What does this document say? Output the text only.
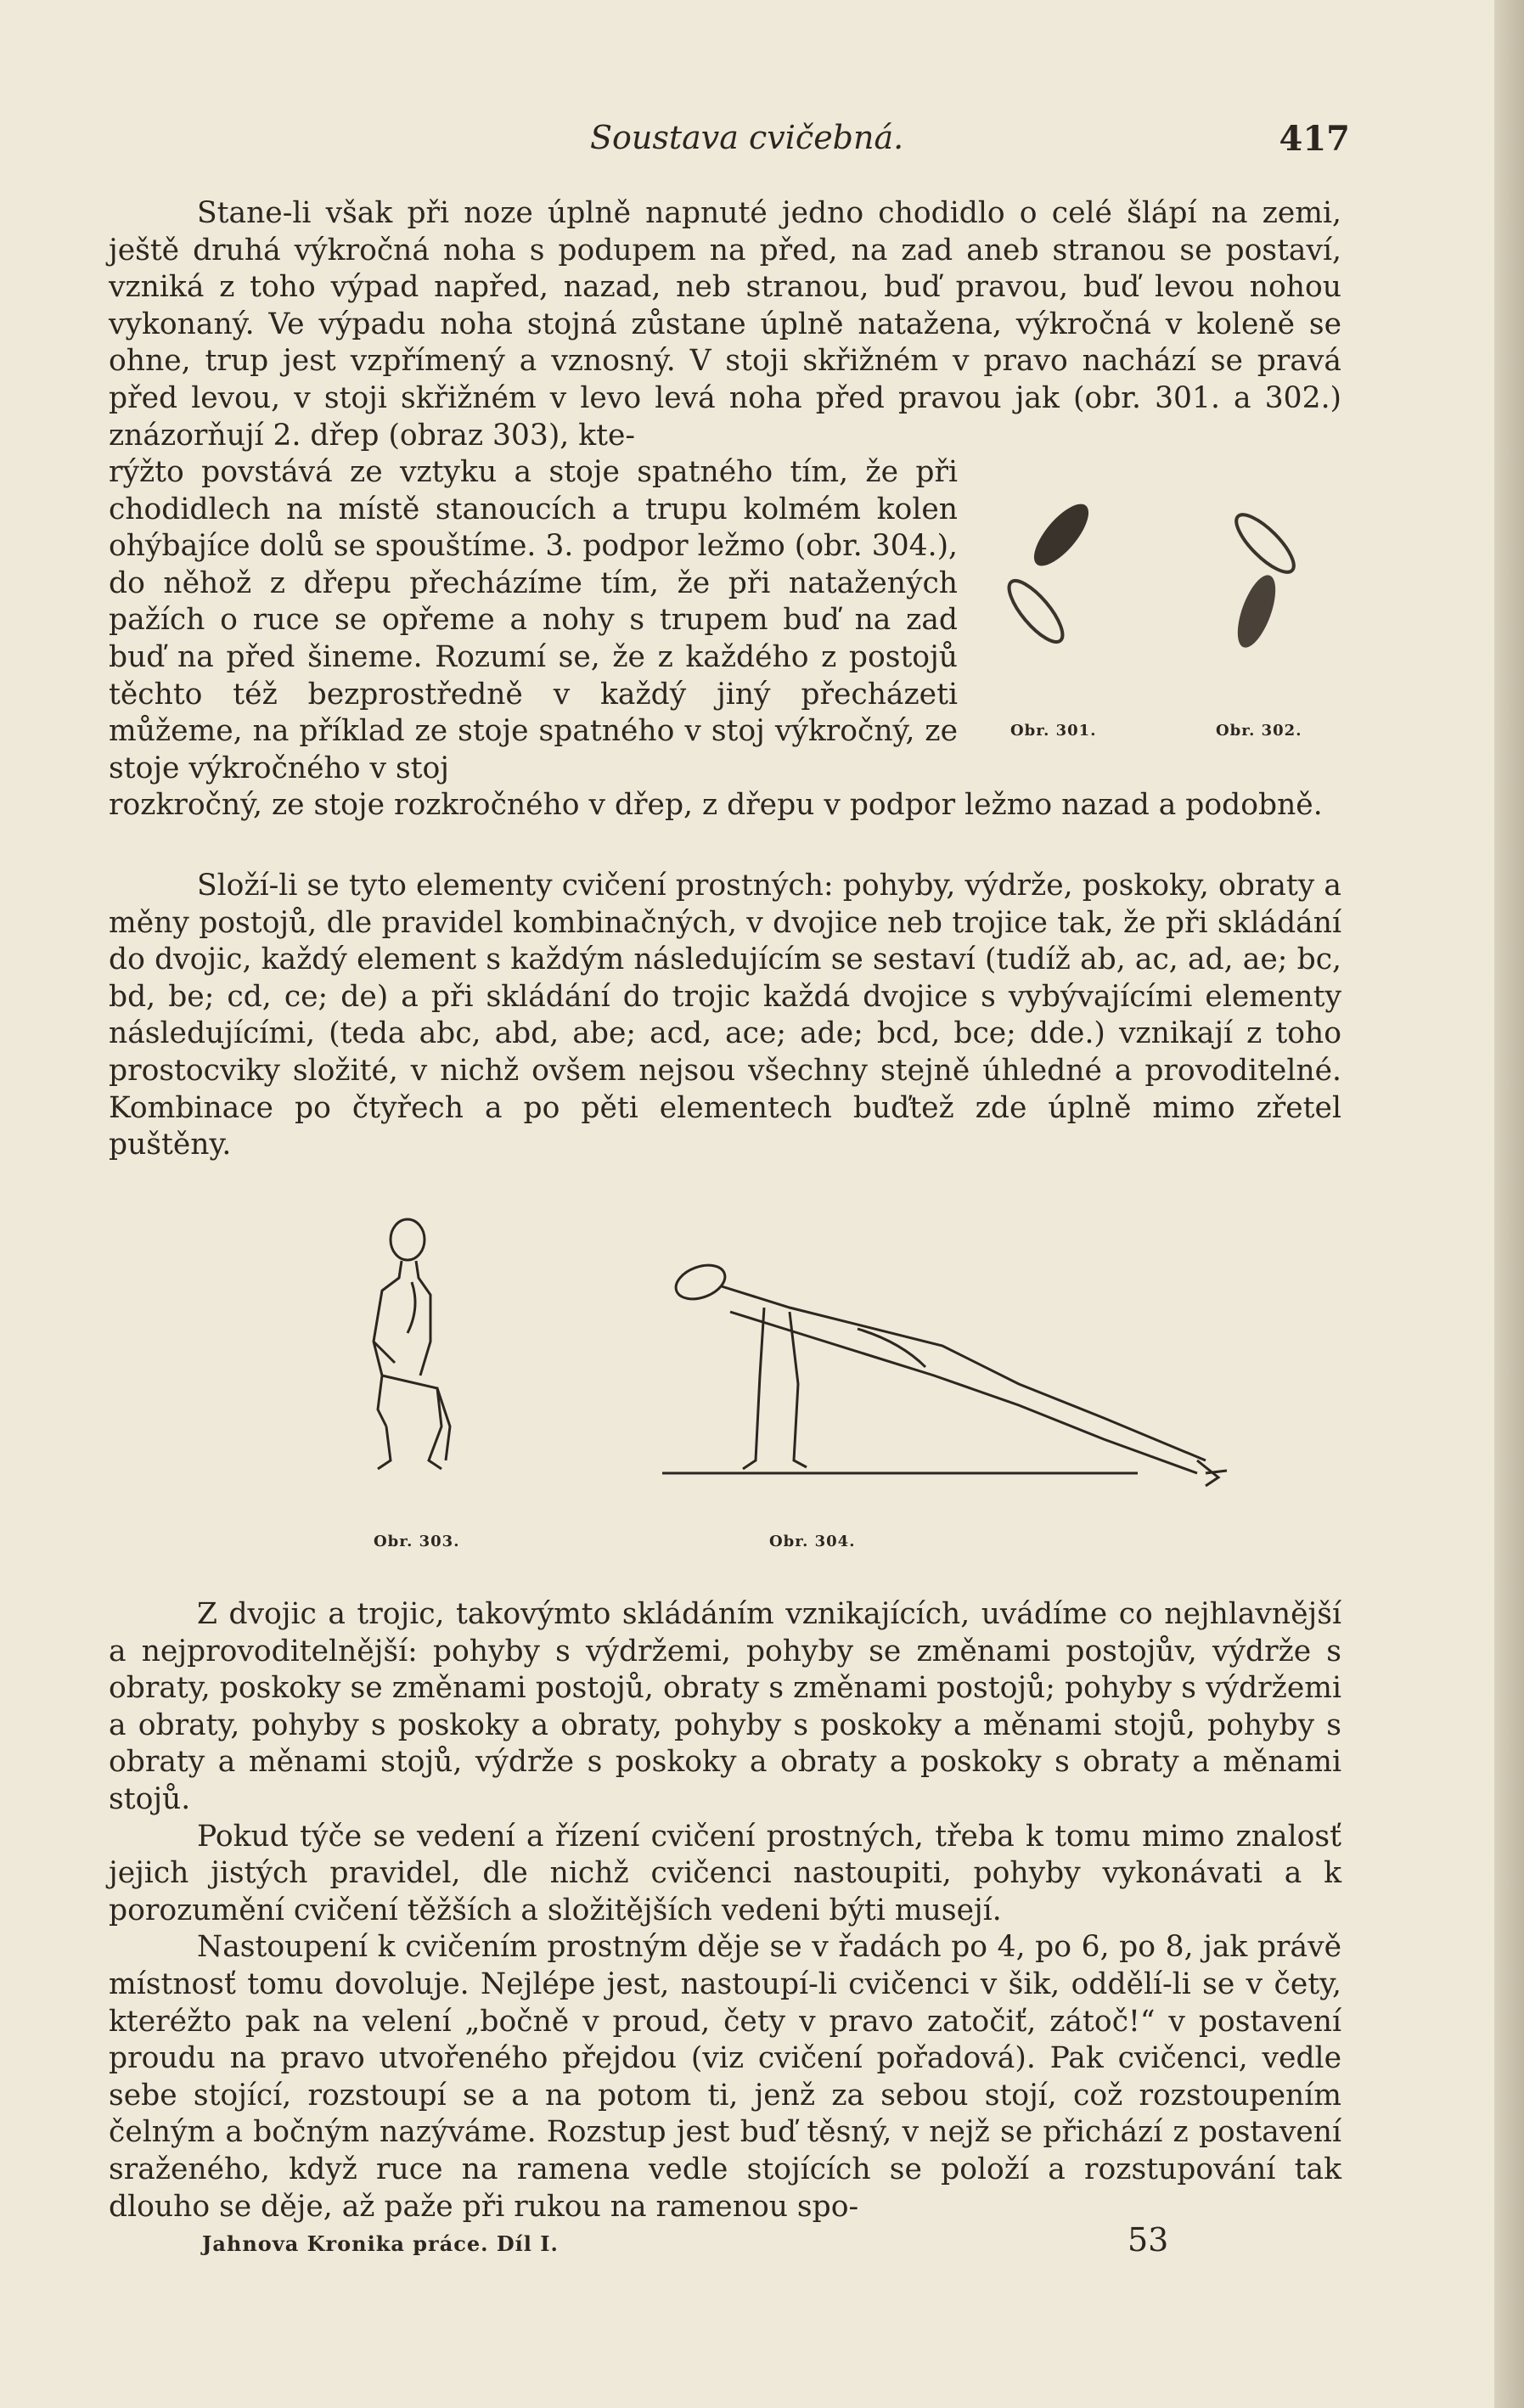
Soustava cvičebná.	417

Stane-li však při noze úplně napnuté jedno chodidlo o celé šlápí na zemi, ještě druhá výkročná noha s podupem na před, na zad aneb stranou se postaví, vzniká z toho výpad napřed, nazad, neb stranou, buď pravou, buď levou nohou vykonaný. Ve výpadu noha stojná zůstane úplně natažena, výkročná v koleně se ohne, trup jest vzpřímený a vznosný. V stoji skřižném v pravo nachází se pravá před levou, v stoji skřižném v levo levá noha před pravou jak (obr. 301. a 302.) znázorňují 2. dřep (obraz 303), kte-

rýžto povstává ze vztyku a stoje spatného tím, že při chodidlech na místě stanoucích a trupu kolmém kolen ohýbajíce dolů se spouštíme. 3. podpor ležmo (obr. 304.), do něhož z dřepu přecházíme tím, že při natažených pažích o ruce se opřeme a nohy s trupem buď na zad buď na před šineme. Rozumí se, že z každého z postojů těchto též bezprostředně v každý jiný přecházeti můžeme, na příklad ze stoje spatného v stoj výkročný, ze stoje výkročného v stoj

rozkročný, ze stoje rozkročného v dřep, z dřepu v podpor ležmo nazad a podobně.

Obr. 301.	Obr. 302.

Složí-li se tyto elementy cvičení prostných: pohyby, výdrže, poskoky, obraty a měny postojů, dle pravidel kombinačných, v dvojice neb trojice tak, že při skládání do dvojic, každý element s každým následujícím se sestaví (tudíž ab, ac, ad, ae; bc, bd, be; cd, ce; de) a při skládání do trojic každá dvojice s vybývajícími elementy následujícími, (teda abc, abd, abe; acd, ace; ade; bcd, bce; dde.) vznikají z toho prostocviky složité, v nichž ovšem nejsou všechny stejně úhledné a provoditelné. Kombinace po čtyřech a po pěti elementech buďtež zde úplně mimo zřetel puštěny.

Obr. 303.	Obr. 304.

Z dvojic a trojic, takovýmto skládáním vznikajících, uvádíme co nejhlavnější a nejprovoditelnější: pohyby s výdržemi, pohyby se změnami postojův, výdrže s obraty, poskoky se změnami postojů, obraty s změnami postojů; pohyby s výdržemi a obraty, pohyby s poskoky a obraty, pohyby s poskoky a měnami stojů, pohyby s obraty a měnami stojů, výdrže s poskoky a obraty a poskoky s obraty a měnami stojů.

Pokud týče se vedení a řízení cvičení prostných, třeba k tomu mimo znalosť jejich jistých pravidel, dle nichž cvičenci nastoupiti, pohyby vykonávati a k porozumění cvičení těžších a složitějších vedeni býti musejí.

Nastoupení k cvičením prostným děje se v řadách po 4, po 6, po 8, jak právě místnosť tomu dovoluje. Nejlépe jest, nastoupí-li cvičenci v šik, oddělí-li se v čety, kteréžto pak na velení „bočně v proud, čety v pravo zatočiť, zátoč!“ v postavení proudu na pravo utvořeného přejdou (viz cvičení pořadová). Pak cvičenci, vedle sebe stojící, rozstoupí se a na potom ti, jenž za sebou stojí, což rozstoupením čelným a bočným nazýváme. Rozstup jest buď těsný, v nejž se přichází z postavení sraženého, když ruce na ramena vedle stojících se položí a rozstupování tak dlouho se děje, až paže při rukou na ramenou spo-

Jahnova Kronika práce. Díl I.	53
